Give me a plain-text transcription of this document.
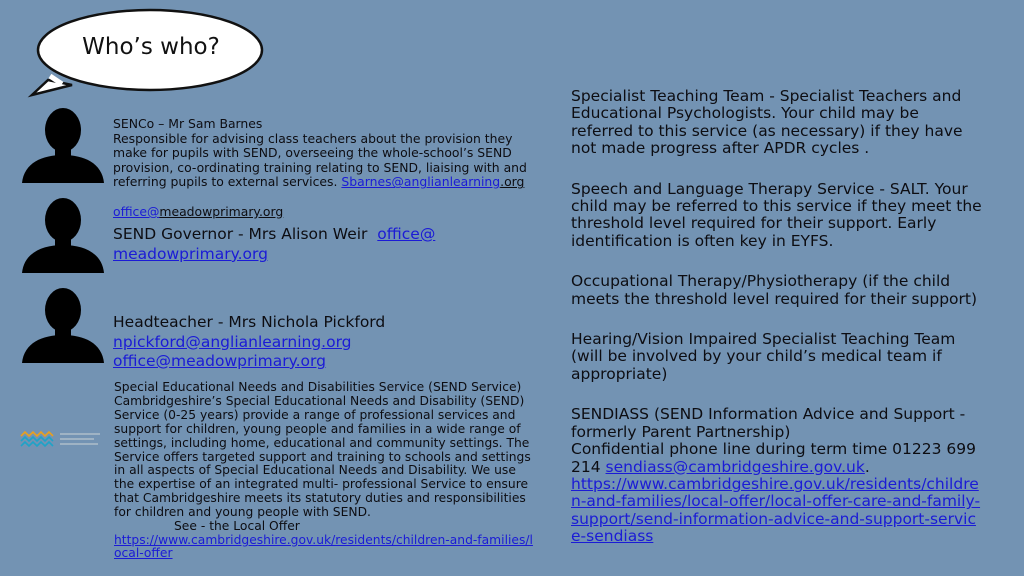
Who’s who?
SENCo – Mr Sam Barnes
Responsible for advising class teachers about the provision they make for pupils with SEND, overseeing the whole-school’s SEND provision, co-ordinating training relating to SEND, liaising with and referring pupils to external services. Sbarnes@anglianlearning.org
office@meadowprimary.org
SEND Governor - Mrs Alison Weir office@ meadowprimary.org
Headteacher - Mrs Nichola Pickford
npickford@anglianlearning.org
office@meadowprimary.org
Special Educational Needs and Disabilities Service (SEND Service) Cambridgeshire’s Special Educational Needs and Disability (SEND) Service (0-25 years) provide a range of professional services and support for children, young people and families in a wide range of settings, including home, educational and community settings. The Service offers targeted support and training to schools and settings in all aspects of Special Educational Needs and Disability. We use the expertise of an integrated multi- professional Service to ensure that Cambridgeshire meets its statutory duties and responsibilities for children and young people with SEND.
See - the Local Offer
https://www.cambridgeshire.gov.uk/residents/children-and-families/local-offer

Specialist Teaching Team - Specialist Teachers and Educational Psychologists. Your child may be referred to this service (as necessary) if they have not made progress after APDR cycles .

Speech and Language Therapy Service - SALT. Your child may be referred to this service if they meet the threshold level required for their support. Early identification is often key in EYFS.

Occupational Therapy/Physiotherapy (if the child meets the threshold level required for their support)

Hearing/Vision Impaired Specialist Teaching Team (will be involved by your child’s medical team if appropriate)

SENDIASS (SEND Information Advice and Support - formerly Parent Partnership)
Confidential phone line during term time 01223 699 214 sendiass@cambridgeshire.gov.uk.
https://www.cambridgeshire.gov.uk/residents/children-and-families/local-offer/local-offer-care-and-family-support/send-information-advice-and-support-service-sendiass
